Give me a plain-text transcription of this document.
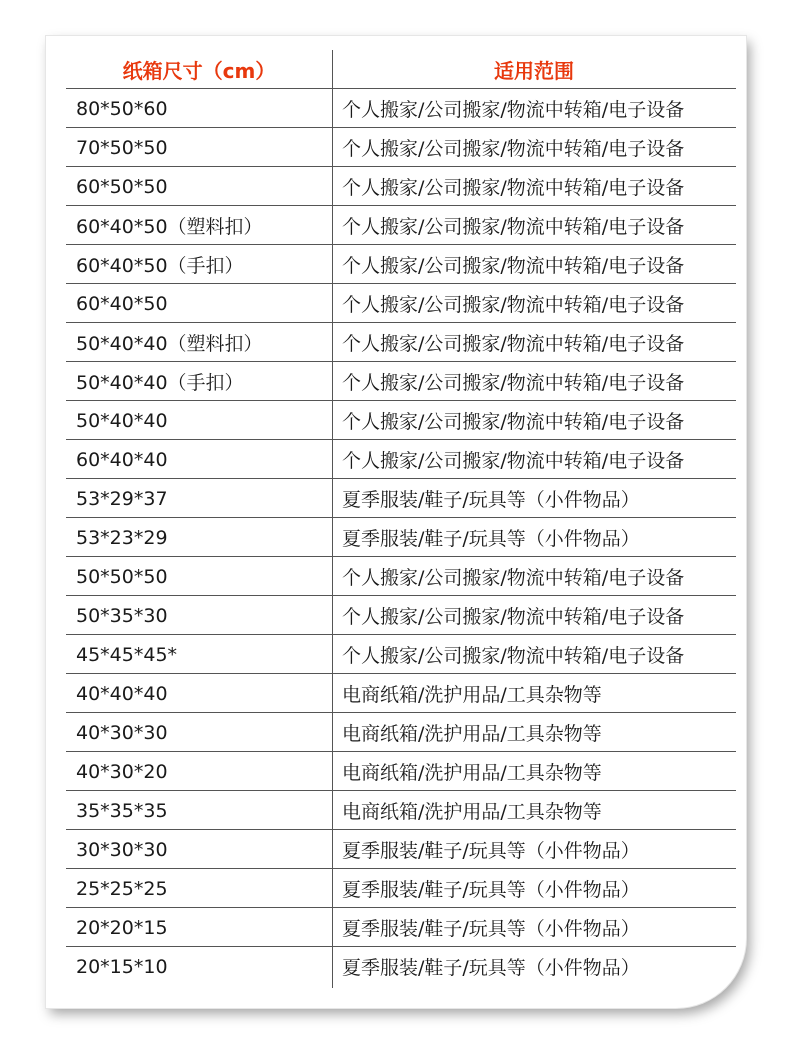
纸箱尺寸（cm）	适用范围
80*50*60	个人搬家/公司搬家/物流中转箱/电子设备
70*50*50	个人搬家/公司搬家/物流中转箱/电子设备
60*50*50	个人搬家/公司搬家/物流中转箱/电子设备
60*40*50（塑料扣）	个人搬家/公司搬家/物流中转箱/电子设备
60*40*50（手扣）	个人搬家/公司搬家/物流中转箱/电子设备
60*40*50	个人搬家/公司搬家/物流中转箱/电子设备
50*40*40（塑料扣）	个人搬家/公司搬家/物流中转箱/电子设备
50*40*40（手扣）	个人搬家/公司搬家/物流中转箱/电子设备
50*40*40	个人搬家/公司搬家/物流中转箱/电子设备
60*40*40	个人搬家/公司搬家/物流中转箱/电子设备
53*29*37	夏季服装/鞋子/玩具等（小件物品）
53*23*29	夏季服装/鞋子/玩具等（小件物品）
50*50*50	个人搬家/公司搬家/物流中转箱/电子设备
50*35*30	个人搬家/公司搬家/物流中转箱/电子设备
45*45*45*	个人搬家/公司搬家/物流中转箱/电子设备
40*40*40	电商纸箱/洗护用品/工具杂物等
40*30*30	电商纸箱/洗护用品/工具杂物等
40*30*20	电商纸箱/洗护用品/工具杂物等
35*35*35	电商纸箱/洗护用品/工具杂物等
30*30*30	夏季服装/鞋子/玩具等（小件物品）
25*25*25	夏季服装/鞋子/玩具等（小件物品）
20*20*15	夏季服装/鞋子/玩具等（小件物品）
20*15*10	夏季服装/鞋子/玩具等（小件物品）
